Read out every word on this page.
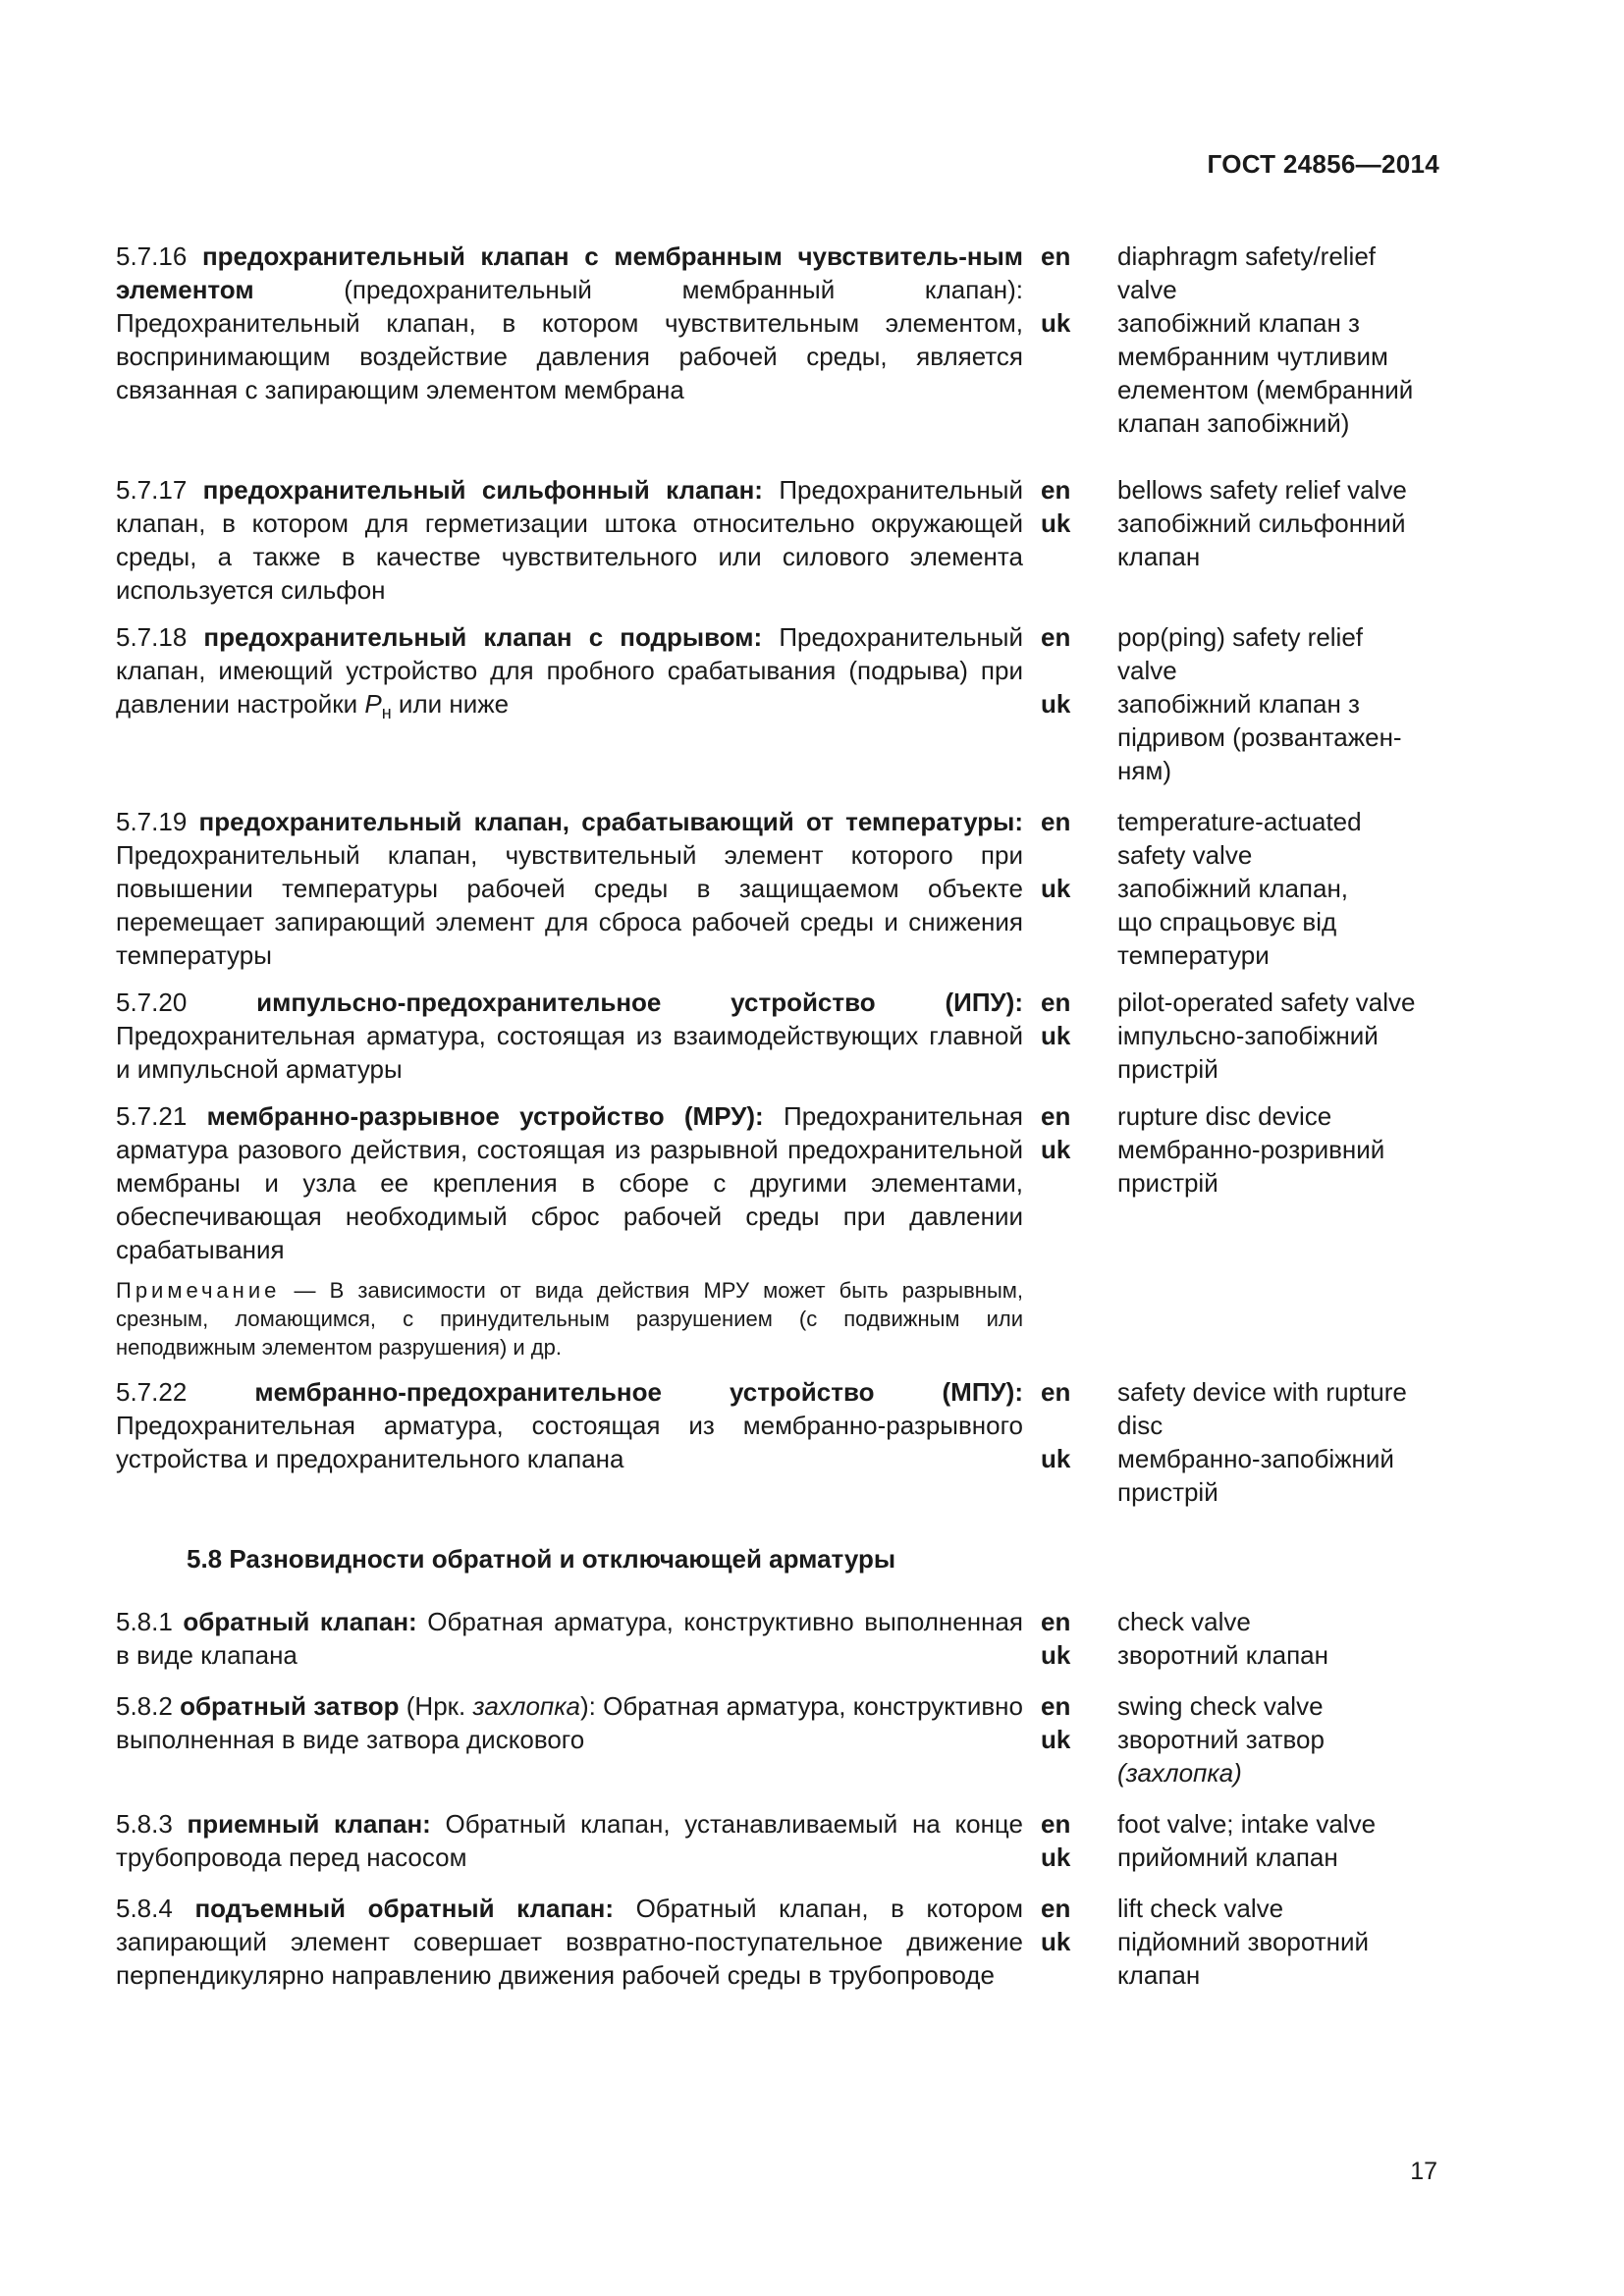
ГОСТ 24856—2014
5.7.16 предохранительный клапан с мембранным чувствитель-ным элементом (предохранительный мембранный клапан): Предохранительный клапан, в котором чувствительным элементом, воспринимающим воздействие давления рабочей среды, является связанная с запирающим элементом мембрана
en
uk
diaphragm safety/relief
valve
запобіжний клапан з
мембранним чутливим
елементом (мембранний
клапан запобіжний)
5.7.17 предохранительный сильфонный клапан: Предохранительный клапан, в котором для герметизации штока относительно окружающей среды, а также в качестве чувствительного или силового элемента используется сильфон
en
uk
bellows safety relief valve
запобіжний сильфонний
клапан
5.7.18 предохранительный клапан с подрывом: Предохранительный клапан, имеющий устройство для пробного срабатывания (подрыва) при давлении настройки $P_н$ или ниже
en
uk
pop(ping) safety relief
valve
запобіжний клапан з
підривом (розвантажен-
ням)
5.7.19 предохранительный клапан, срабатывающий от температуры: Предохранительный клапан, чувствительный элемент которого при повышении температуры рабочей среды в защищаемом объекте перемещает запирающий элемент для сброса рабочей среды и снижения температуры
en
uk
temperature-actuated
safety valve
запобіжний клапан,
що спрацьовує від
температури
5.7.20 импульсно-предохранительное устройство (ИПУ): Предохранительная арматура, состоящая из взаимодействующих главной и импульсной арматуры
en
uk
pilot-operated safety valve
імпульсно-запобіжний
пристрій
5.7.21 мембранно-разрывное устройство (МРУ): Предохранительная арматура разового действия, состоящая из разрывной предохранительной мембраны и узла ее крепления в сборе с другими элементами, обеспечивающая необходимый сброс рабочей среды при давлении срабатывания
Примечание — В зависимости от вида действия МРУ может быть разрывным, срезным, ломающимся, с принудительным разрушением (с подвижным или неподвижным элементом разрушения) и др.
en
uk
rupture disc device
мембранно-розривний
пристрій
5.7.22 мембранно-предохранительное устройство (МПУ): Предохранительная арматура, состоящая из мембранно-разрывного устройства и предохранительного клапана
en
uk
safety device with rupture
disc
мембранно-запобіжний
пристрій
5.8 Разновидности обратной и отключающей арматуры
5.8.1 обратный клапан: Обратная арматура, конструктивно выполненная в виде клапана
en
uk
check valve
зворотний клапан
5.8.2 обратный затвор (Нрк. захлопка): Обратная арматура, конструктивно выполненная в виде затвора дискового
en
uk
swing check valve
зворотний затвор
(захлопка)
5.8.3 приемный клапан: Обратный клапан, устанавливаемый на конце трубопровода перед насосом
en
uk
foot valve; intake valve
прийомний клапан
5.8.4 подъемный обратный клапан: Обратный клапан, в котором запирающий элемент совершает возвратно-поступательное движение перпендикулярно направлению движения рабочей среды в трубопроводе
en
uk
lift check valve
підйомний зворотний
клапан
17
